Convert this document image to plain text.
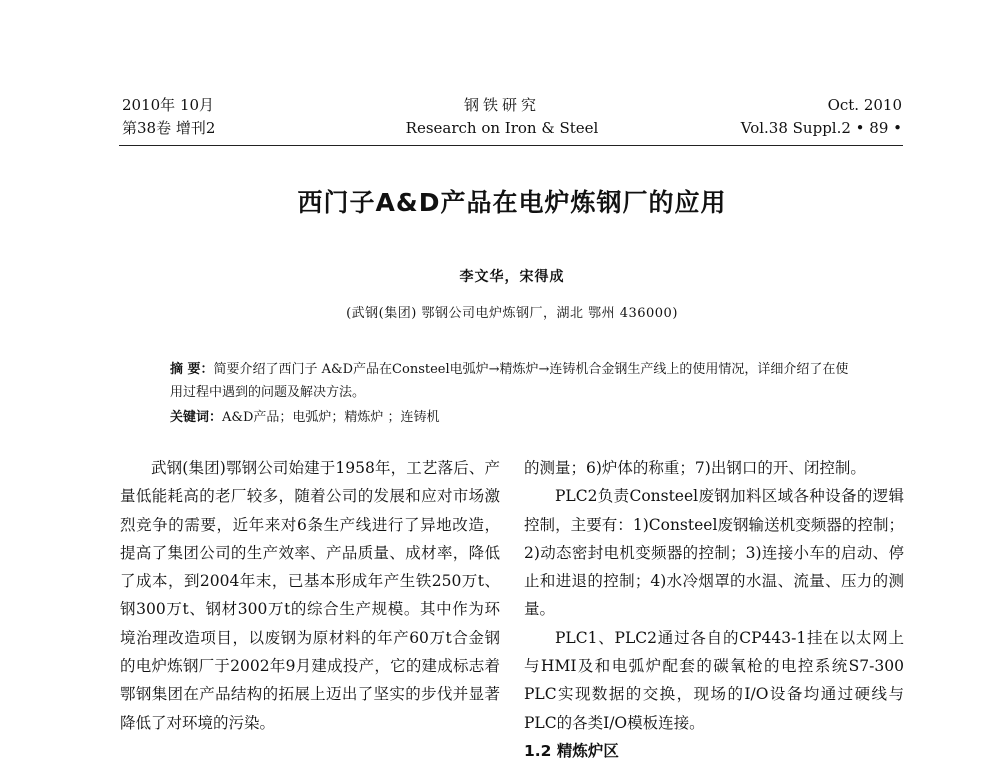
2010年 10月
第38卷 增刊2
钢铁研究
Research on Iron & Steel
Oct. 2010
Vol.38 Suppl.2 • 89 •
西门子A&D产品在电炉炼钢厂的应用
李文华，宋得成
(武钢(集团) 鄂钢公司电炉炼钢厂，湖北 鄂州 436000)
摘 要：简要介绍了西门子 A&D产品在Consteel电弧炉→精炼炉→连铸机合金钢生产线上的使用情况，详细介绍了在使用过程中遇到的问题及解决方法。
关键词：A&D产品；电弧炉；精炼炉 ；连铸机

武钢(集团)鄂钢公司始建于1958年，工艺落后、产量低能耗高的老厂较多，随着公司的发展和应对市场激烈竞争的需要，近年来对6条生产线进行了异地改造，提高了集团公司的生产效率、产品质量、成材率，降低了成本，到2004年末，已基本形成年产生铁250万t、钢300万t、钢材300万t的综合生产规模。其中作为环境治理改造项目，以废钢为原材料的年产60万t合金钢的电炉炼钢厂于2002年9月建成投产，它的建成标志着鄂钢集团在产品结构的拓展上迈出了坚实的步伐并显著降低了对环境的污染。

的测量；6)炉体的称重；7)出钢口的开、闭控制。

PLC2负责Consteel废钢加料区域各种设备的逻辑控制，主要有：1)Consteel废钢输送机变频器的控制；2)动态密封电机变频器的控制；3)连接小车的启动、停止和进退的控制；4)水冷烟罩的水温、流量、压力的测量。

PLC1、PLC2通过各自的CP443-1挂在以太网上与HMI及和电弧炉配套的碳氧枪的电控系统S7-300 PLC实现数据的交换，现场的I/O设备均通过硬线与PLC的各类I/O模板连接。

1.2 精炼炉区
